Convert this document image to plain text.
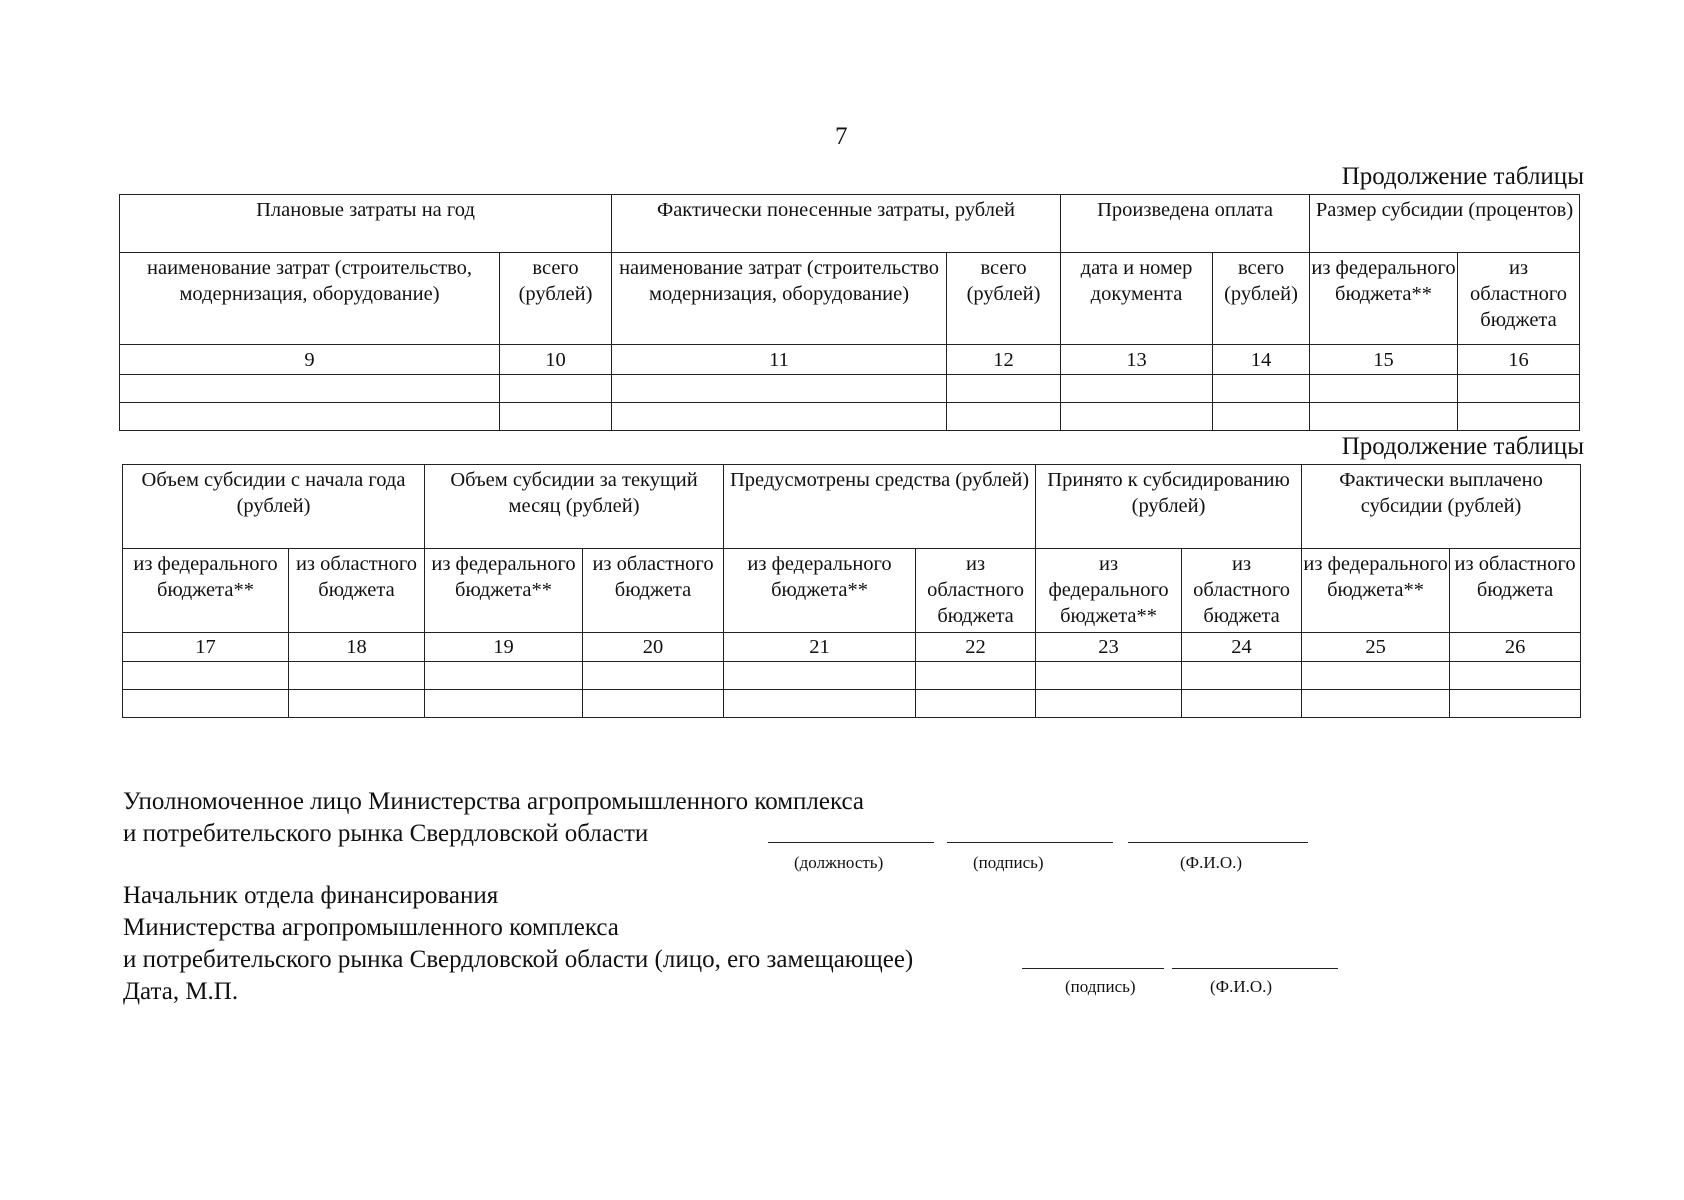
7
Продолжение таблицы
Плановые затраты на год		Фактически понесенные затраты, рублей		Произведена оплата		Размер субсидии (процентов)	
наименование затрат (строительство, модернизация, оборудование)	всего (рублей)	наименование затрат (строительство модернизация, оборудование)	всего (рублей)	дата и номер документа	всего (рублей)	из федерального бюджета**	из областного бюджета
9	10	11	12	13	14	15	16

Продолжение таблицы
Объем субсидии с начала года (рублей)		Объем субсидии за текущий месяц (рублей)		Предусмотрены средства (рублей)		Принято к субсидированию (рублей)		Фактически выплачено субсидии (рублей)	
из федерального бюджета**	из областного бюджета	из федерального бюджета**	из областного бюджета	из федерального бюджета**	из областного бюджета	из федерального бюджета**	из областного бюджета	из федерального бюджета**	из областного бюджета
17	18	19	20	21	22	23	24	25	26

Уполномоченное лицо Министерства агропромышленного комплекса
и потребительского рынка Свердловской области
(должность)	(подпись)	(Ф.И.О.)
Начальник отдела финансирования
Министерства агропромышленного комплекса
и потребительского рынка Свердловской области (лицо, его замещающее)
Дата, М.П.	(подпись)	(Ф.И.О.)
